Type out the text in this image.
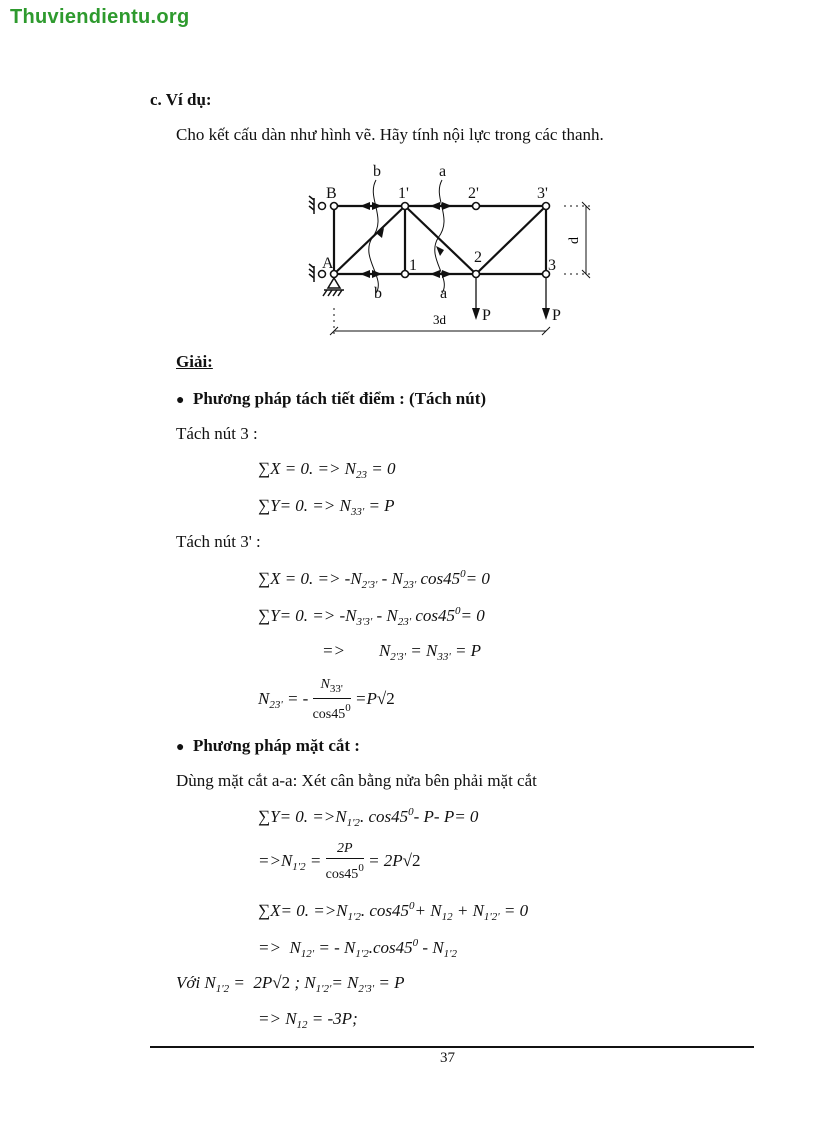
Thuviendientu.org
c. Ví dụ:
Cho kết cấu dàn như hình vẽ. Hãy tính nội lực trong các thanh.
B	1'	2'	3'
A	1	2	3
b	a
b	a
P	P
3d
d
Giải:
● Phương pháp tách tiết điểm : (Tách nút)
Tách nút 3 :
∑X = 0. => $N_{23} = 0$
∑Y= 0. => $N_{33'} = P$
Tách nút 3' :
∑X = 0. => $-N_{2'3'} - N_{23'}$ $\cos 45^0= 0$
∑Y= 0. => $-N_{3'3'} - N_{23'}$ $\cos 45^0= 0$
=>        $N_{2'3'} = N_{33'} = P$
$N_{23'}$ = - $\frac{N_{33'}}{\cos 45^0} =P√2$
● Phương pháp mặt cắt :
Dùng mặt cắt a-a: Xét cân bằng nửa bên phải mặt cắt
∑Y= 0. $=>N_{1'2}$. $\cos 45^0-$ P- P= 0
$=>N_{1'2} = \frac{2P}{\cos 45^0} = 2P√2$
∑X= 0. $=>N_{1'2}$. $\cos 45^0+ N_{12} + N_{1'2'} = 0$
=>  $N_{12'}$ = - $N_{1'2}.\cos 45^0 - N_{1'2}$
Với $N_{1'2} = 2P√2$ ; $N_{1'2'}= N_{2'3'} = P$
=> $N_{12} = -3P$;
37
